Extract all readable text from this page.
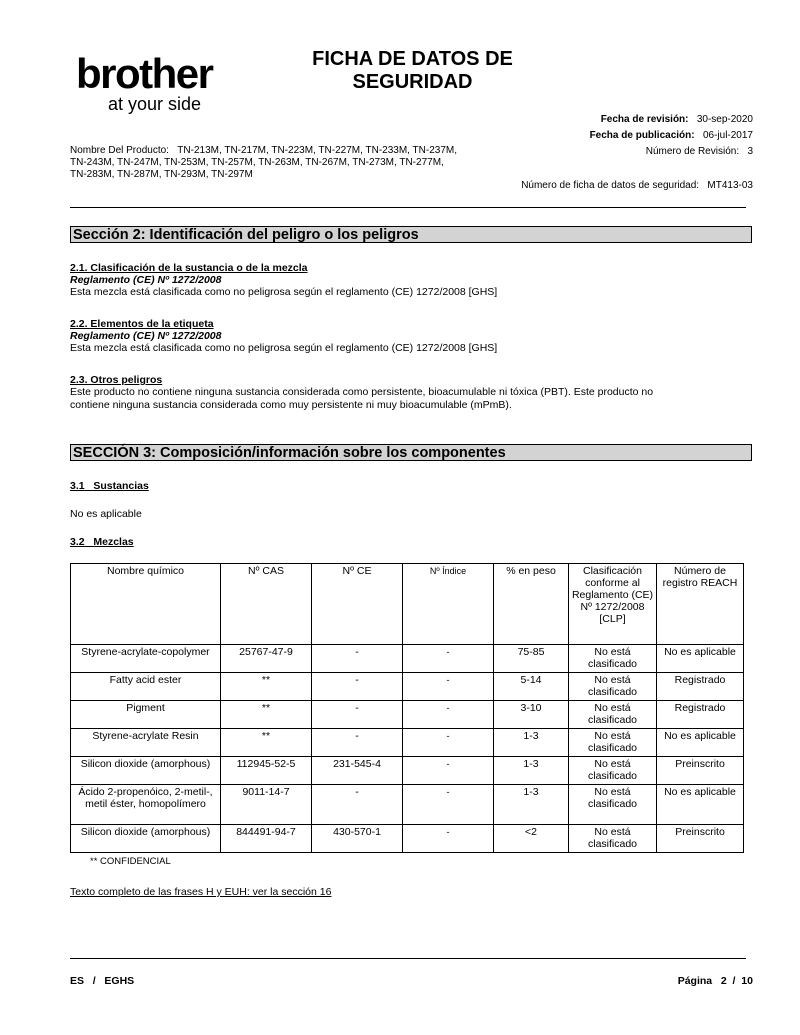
brother
at your side
FICHA DE DATOS DE
SEGURIDAD
Fecha de revisión: 30-sep-2020
Fecha de publicación: 06-jul-2017
Número de Revisión: 3
Nombre Del Producto: TN-213M, TN-217M, TN-223M, TN-227M, TN-233M, TN-237M,
TN-243M, TN-247M, TN-253M, TN-257M, TN-263M, TN-267M, TN-273M, TN-277M,
TN-283M, TN-287M, TN-293M, TN-297M
Número de ficha de datos de seguridad: MT413-03
Sección 2: Identificación del peligro o los peligros
2.1. Clasificación de la sustancia o de la mezcla
Reglamento (CE) Nº 1272/2008
Esta mezcla está clasificada como no peligrosa según el reglamento (CE) 1272/2008 [GHS]
2.2. Elementos de la etiqueta
Reglamento (CE) Nº 1272/2008
Esta mezcla está clasificada como no peligrosa según el reglamento (CE) 1272/2008 [GHS]
2.3. Otros peligros
Este producto no contiene ninguna sustancia considerada como persistente, bioacumulable ni tóxica (PBT). Este producto no
contiene ninguna sustancia considerada como muy persistente ni muy bioacumulable (mPmB).
SECCIÓN 3: Composición/información sobre los componentes
3.1 Sustancias
No es aplicable
3.2 Mezclas
Nombre químico	Nº CAS	Nº CE	Nº Índice	% en peso	Clasificación conforme al Reglamento (CE) Nº 1272/2008 [CLP]	Número de registro REACH
Styrene-acrylate-copolymer	25767-47-9	-	-	75-85	No está clasificado	No es aplicable
Fatty acid ester	**	-	-	5-14	No está clasificado	Registrado
Pigment	**	-	-	3-10	No está clasificado	Registrado
Styrene-acrylate Resin	**	-	-	1-3	No está clasificado	No es aplicable
Silicon dioxide (amorphous)	112945-52-5	231-545-4	-	1-3	No está clasificado	Preinscrito
Ácido 2-propenóico, 2-metil-, metil éster, homopolímero	9011-14-7	-	-	1-3	No está clasificado	No es aplicable
Silicon dioxide (amorphous)	844491-94-7	430-570-1	-	<2	No está clasificado	Preinscrito
** CONFIDENCIAL
Texto completo de las frases H y EUH: ver la sección 16
ES   /   EGHS	Página   2  /  10
